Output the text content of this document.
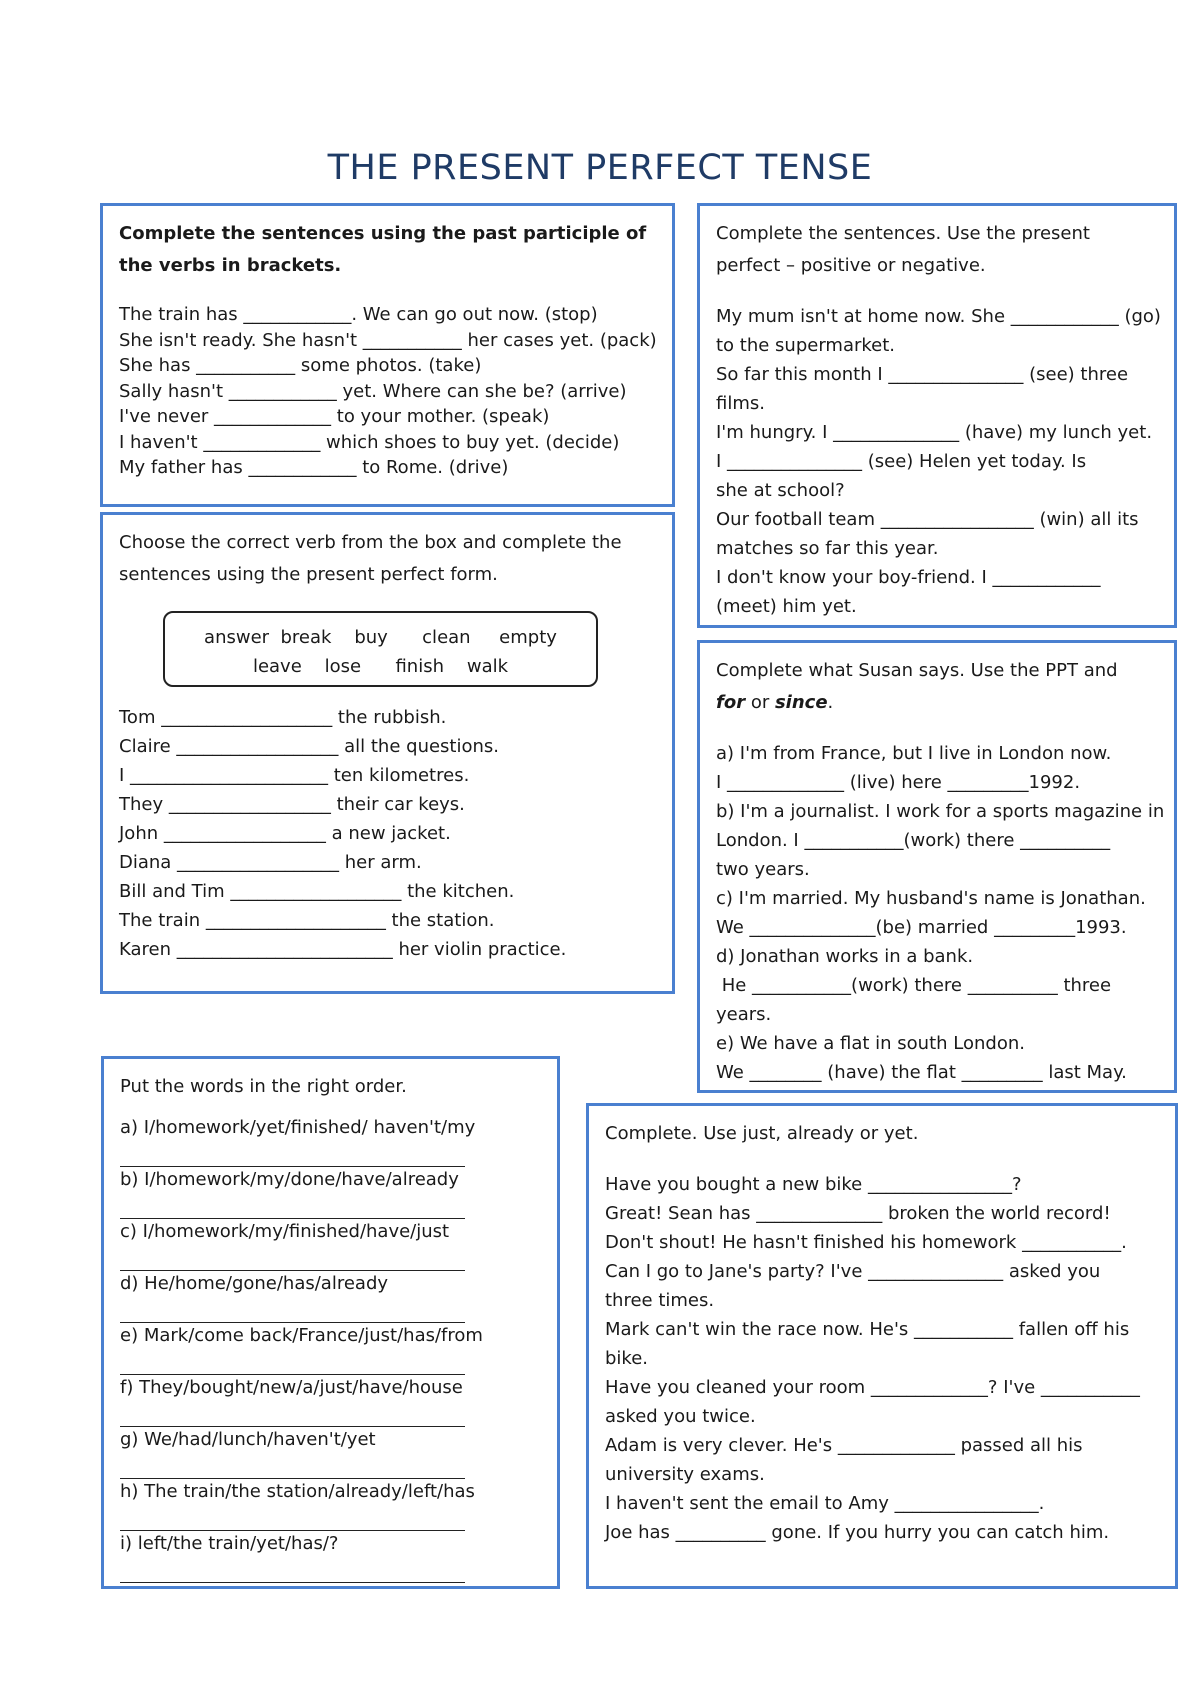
THE PRESENT PERFECT TENSE

Complete the sentences using the past participle of the verbs in brackets.

The train has ____________. We can go out now. (stop)

She isn't ready. She hasn't ___________ her cases yet. (pack)

She has ___________ some photos. (take)

Sally hasn't ____________ yet. Where can she be? (arrive)

I've never _____________ to your mother. (speak)

I haven't _____________ which shoes to buy yet. (decide)

My father has ____________ to Rome. (drive)

Choose the correct verb from the box and complete the sentences using the present perfect form.

answer  break    buy      clean     empty
leave    lose      finish    walk

Tom ___________________ the rubbish.

Claire __________________ all the questions.

I ______________________ ten kilometres.

They __________________ their car keys.

John __________________ a new jacket.

Diana __________________ her arm.

Bill and Tim ___________________ the kitchen.

The train ____________________ the station.

Karen ________________________ her violin practice.

Complete the sentences. Use the present perfect – positive or negative.

My mum isn't at home now. She ____________ (go)

to the supermarket.

So far this month I _______________ (see) three

films.

I'm hungry. I ______________ (have) my lunch yet.

I _______________ (see) Helen yet today. Is

she at school?

Our football team _________________ (win) all its

matches so far this year.

I don't know your boy-friend. I ____________

(meet) him yet.

Complete what Susan says. Use the PPT and
for or since.

a) I'm from France, but I live in London now.

I _____________ (live) here _________1992.

b) I'm a journalist. I work for a sports magazine in

London. I ___________(work) there __________

two years.

c) I'm married. My husband's name is Jonathan.

We ______________(be) married _________1993.

d) Jonathan works in a bank.

He ___________(work) there __________ three

years.

e) We have a flat in south London.

We ________ (have) the flat _________ last May.

Put the words in the right order.

a) I/homework/yet/finished/ haven't/my

b) I/homework/my/done/have/already

c) I/homework/my/finished/have/just

d) He/home/gone/has/already

e) Mark/come back/France/just/has/from

f) They/bought/new/a/just/have/house

g) We/had/lunch/haven't/yet

h) The train/the station/already/left/has

i) left/the train/yet/has/?

Complete. Use just, already or yet.

Have you bought a new bike ________________?

Great! Sean has ______________ broken the world record!

Don't shout! He hasn't finished his homework ___________.

Can I go to Jane's party? I've _______________ asked you

three times.

Mark can't win the race now. He's ___________ fallen off his

bike.

Have you cleaned your room _____________? I've ___________

asked you twice.

Adam is very clever. He's _____________ passed all his

university exams.

I haven't sent the email to Amy ________________.

Joe has __________ gone. If you hurry you can catch him.
